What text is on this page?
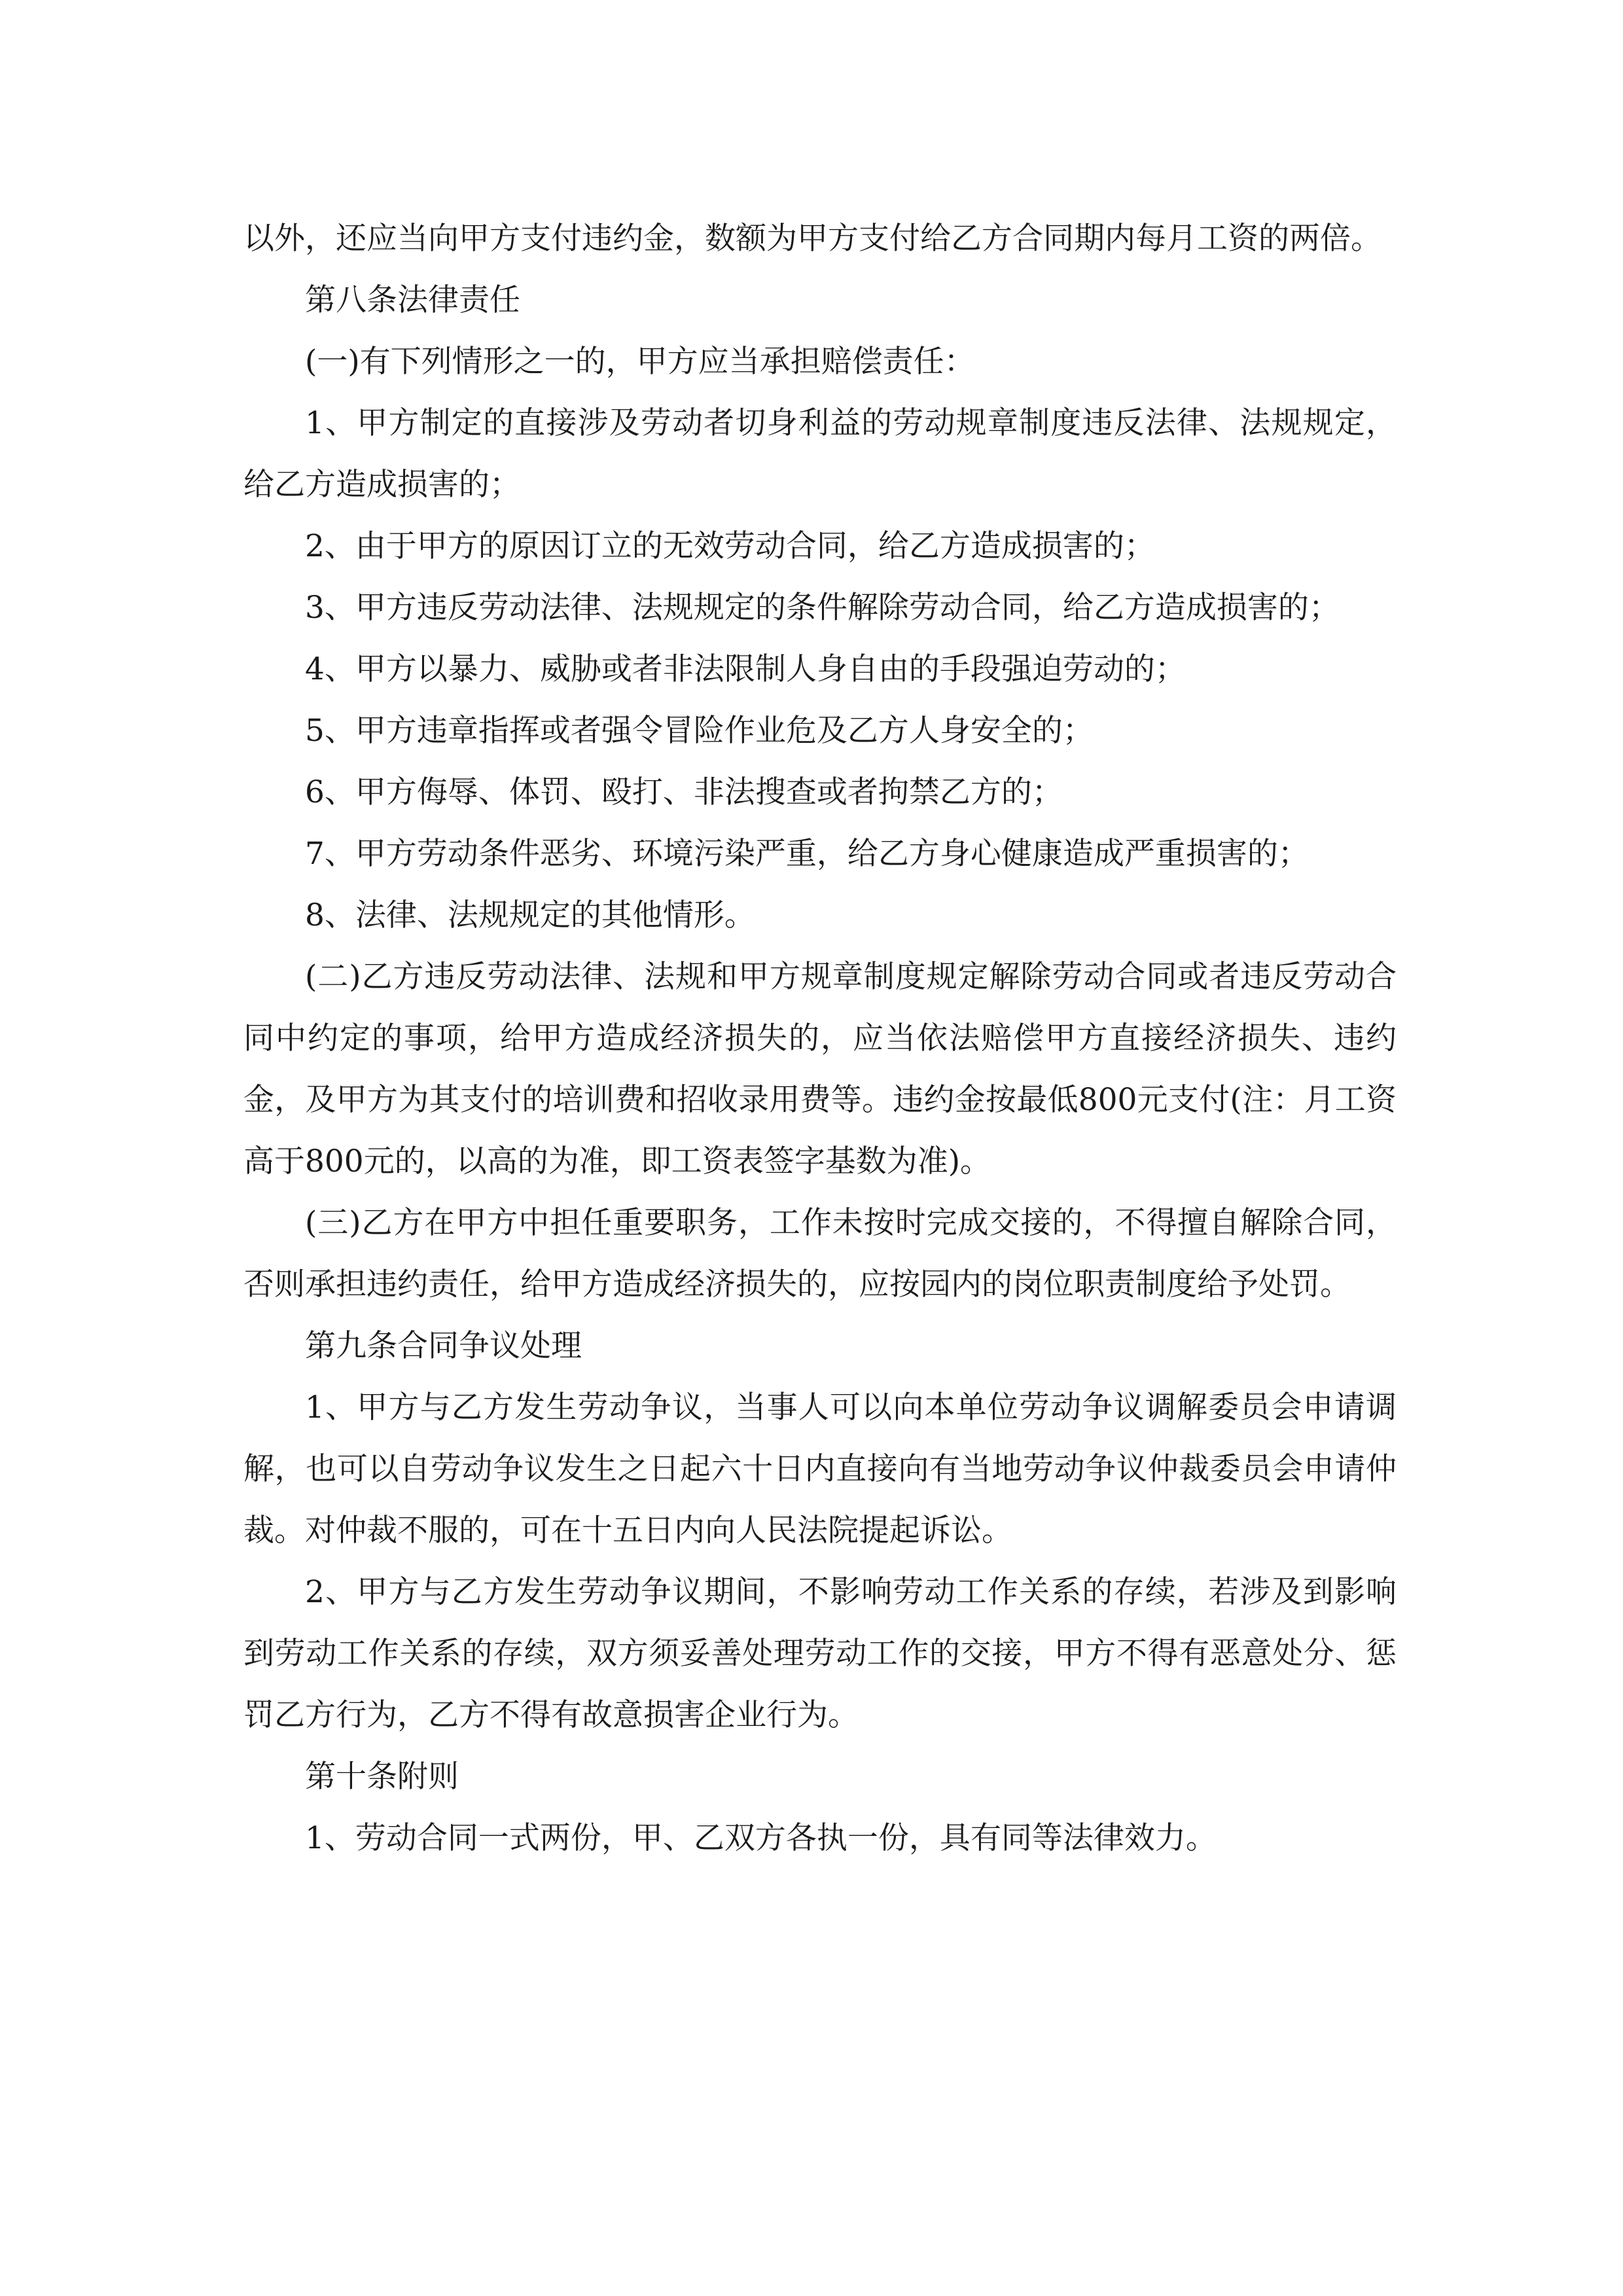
以外，还应当向甲方支付违约金，数额为甲方支付给乙方合同期内每月工资的两倍。

第八条法律责任

(一)有下列情形之一的，甲方应当承担赔偿责任：

1、甲方制定的直接涉及劳动者切身利益的劳动规章制度违反法律、法规规定，给乙方造成损害的；

2、由于甲方的原因订立的无效劳动合同，给乙方造成损害的；

3、甲方违反劳动法律、法规规定的条件解除劳动合同，给乙方造成损害的；

4、甲方以暴力、威胁或者非法限制人身自由的手段强迫劳动的；

5、甲方违章指挥或者强令冒险作业危及乙方人身安全的；

6、甲方侮辱、体罚、殴打、非法搜查或者拘禁乙方的；

7、甲方劳动条件恶劣、环境污染严重，给乙方身心健康造成严重损害的；

8、法律、法规规定的其他情形。

(二)乙方违反劳动法律、法规和甲方规章制度规定解除劳动合同或者违反劳动合同中约定的事项，给甲方造成经济损失的，应当依法赔偿甲方直接经济损失、违约金，及甲方为其支付的培训费和招收录用费等。违约金按最低800元支付(注：月工资高于800元的，以高的为准，即工资表签字基数为准)。

(三)乙方在甲方中担任重要职务，工作未按时完成交接的，不得擅自解除合同，否则承担违约责任，给甲方造成经济损失的，应按园内的岗位职责制度给予处罚。

第九条合同争议处理

1、甲方与乙方发生劳动争议，当事人可以向本单位劳动争议调解委员会申请调解，也可以自劳动争议发生之日起六十日内直接向有当地劳动争议仲裁委员会申请仲裁。对仲裁不服的，可在十五日内向人民法院提起诉讼。

2、甲方与乙方发生劳动争议期间，不影响劳动工作关系的存续，若涉及到影响到劳动工作关系的存续，双方须妥善处理劳动工作的交接，甲方不得有恶意处分、惩罚乙方行为，乙方不得有故意损害企业行为。

第十条附则

1、劳动合同一式两份，甲、乙双方各执一份，具有同等法律效力。
